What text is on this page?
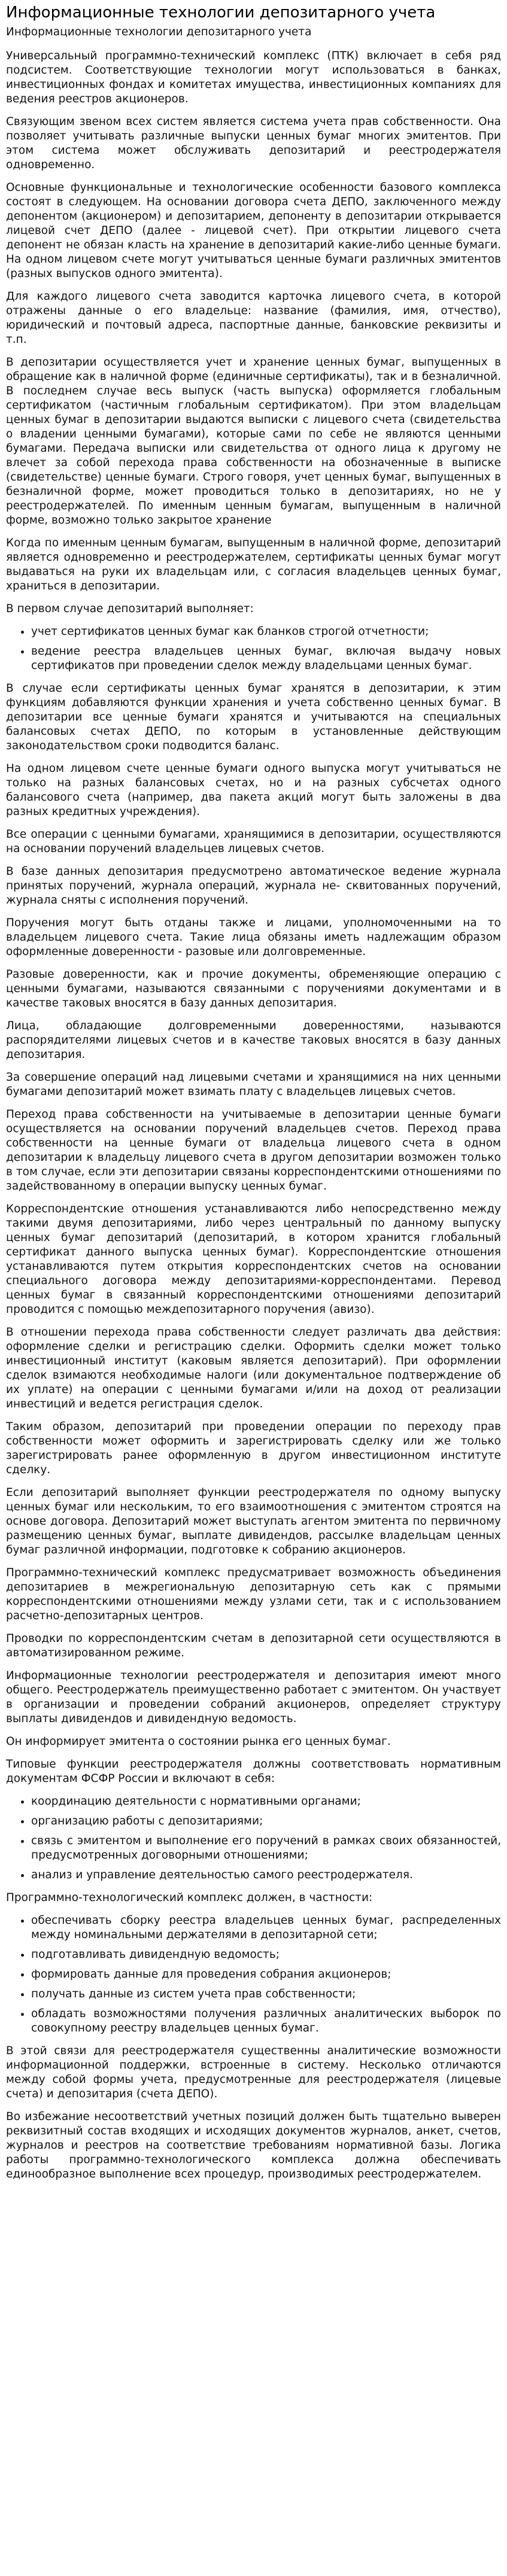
Информационные технологии депозитарного учета
Информационные технологии депозитарного учета

Универсальный программно-технический комплекс (ПТК) включает в себя ряд подсистем. Соответствующие технологии могут использоваться в банках, инвестиционных фондах и комитетах имущества, инвестиционных компаниях для ведения реестров акционеров.

Связующим звеном всех систем является система учета прав собственности. Она позволяет учитывать различные выпуски ценных бумаг многих эмитентов. При этом система может обслуживать депозитарий и реестродержателя одновременно.

Основные функциональные и технологические особенности базового комплекса состоят в следующем. На основании договора счета ДЕПО, заключенного между депонентом (акционером) и депозитарием, депоненту в депозитарии открывается лицевой счет ДЕПО (далее - лицевой счет). При открытии лицевого счета депонент не обязан класть на хранение в депозитарий какие-либо ценные бумаги. На одном лицевом счете могут учитываться ценные бумаги различных эмитентов (разных выпусков одного эмитента).

Для каждого лицевого счета заводится карточка лицевого счета, в которой отражены данные о его владельце: название (фамилия, имя, отчество), юридический и почтовый адреса, паспортные данные, банковские реквизиты и т.п.

В депозитарии осуществляется учет и хранение ценных бумаг, выпущенных в обращение как в наличной форме (единичные сертификаты), так и в безналичной. В последнем случае весь выпуск (часть выпуска) оформляется глобальным сертификатом (частичным глобальным сертификатом). При этом владельцам ценных бумаг в депозитарии выдаются выписки с лицевого счета (свидетельства о владении ценными бумагами), которые сами по себе не являются ценными бумагами. Передача выписки или свидетельства от одного лица к другому не влечет за собой перехода права собственности на обозначенные в выписке (свидетельстве) ценные бумаги. Строго говоря, учет ценных бумаг, выпущенных в безналичной форме, может проводиться только в депозитариях, но не у реестродержателей. По именным ценным бумагам, выпущенным в наличной форме, возможно только закрытое хранение

Когда по именным ценным бумагам, выпущенным в наличной форме, депозитарий является одновременно и реестродержателем, сертификаты ценных бумаг могут выдаваться на руки их владельцам или, с согласия владельцев ценных бумаг, храниться в депозитарии.

В первом случае депозитарий выполняет:

• учет сертификатов ценных бумаг как бланков строгой отчетности;
• ведение реестра владельцев ценных бумаг, включая выдачу новых сертификатов при проведении сделок между владельцами ценных бумаг.

В случае если сертификаты ценных бумаг хранятся в депозитарии, к этим функциям добавляются функции хранения и учета собственно ценных бумаг. В депозитарии все ценные бумаги хранятся и учитываются на специальных балансовых счетах ДЕПО, по которым в установленные действующим законодательством сроки подводится баланс.

На одном лицевом счете ценные бумаги одного выпуска могут учитываться не только на разных балансовых счетах, но и на разных субсчетах одного балансового счета (например, два пакета акций могут быть заложены в два разных кредитных учреждения).

Все операции с ценными бумагами, хранящимися в депозитарии, осуществляются на основании поручений владельцев лицевых счетов.

В базе данных депозитария предусмотрено автоматическое ведение журнала принятых поручений, журнала операций, журнала не- сквитованных поручений, журнала сняты с исполнения поручений.

Поручения могут быть отданы также и лицами, уполномоченными на то владельцем лицевого счета. Такие лица обязаны иметь надлежащим образом оформленные доверенности - разовые или долговременные.

Разовые доверенности, как и прочие документы, обременяющие операцию с ценными бумагами, называются связанными с поручениями документами и в качестве таковых вносятся в базу данных депозитария.

Лица, обладающие долговременными доверенностями, называются распорядителями лицевых счетов и в качестве таковых вносятся в базу данных депозитария.

За совершение операций над лицевыми счетами и хранящимися на них ценными бумагами депозитарий может взимать плату с владельцев лицевых счетов.

Переход права собственности на учитываемые в депозитарии ценные бумаги осуществляется на основании поручений владельцев счетов. Переход права собственности на ценные бумаги от владельца лицевого счета в одном депозитарии к владельцу лицевого счета в другом депозитарии возможен только в том случае, если эти депозитарии связаны корреспондентскими отношениями по задействованному в операции выпуску ценных бумаг.

Корреспондентские отношения устанавливаются либо непосредственно между такими двумя депозитариями, либо через центральный по данному выпуску ценных бумаг депозитарий (депозитарий, в котором хранится глобальный сертификат данного выпуска ценных бумаг). Корреспондентские отношения устанавливаются путем открытия корреспондентских счетов на основании специального договора между депозитариями-корреспондентами. Перевод ценных бумаг в связанный корреспондентскими отношениями депозитарий проводится с помощью междепозитарного поручения (авизо).

В отношении перехода права собственности следует различать два действия: оформление сделки и регистрацию сделки. Оформить сделки может только инвестиционный институт (каковым является депозитарий). При оформлении сделок взимаются необходимые налоги (или документальное подтверждение об их уплате) на операции с ценными бумагами и/или на доход от реализации инвестиций и ведется регистрация сделок.

Таким образом, депозитарий при проведении операции по переходу прав собственности может оформить и зарегистрировать сделку или же только зарегистрировать ранее оформленную в другом инвестиционном институте сделку.

Если депозитарий выполняет функции реестродержателя по одному выпуску ценных бумаг или нескольким, то его взаимоотношения с эмитентом строятся на основе договора. Депозитарий может выступать агентом эмитента по первичному размещению ценных бумаг, выплате дивидендов, рассылке владельцам ценных бумаг различной информации, подготовке к собранию акционеров.

Программно-технический комплекс предусматривает возможность объединения депозитариев в межрегиональную депозитарную сеть как с прямыми корреспондентскими отношениями между узлами сети, так и с использованием расчетно-депозитарных центров.

Проводки по корреспондентским счетам в депозитарной сети осуществляются в автоматизированном режиме.

Информационные технологии реестродержателя и депозитария имеют много общего. Реестродержатель преимущественно работает с эмитентом. Он участвует в организации и проведении собраний акционеров, определяет структуру выплаты дивидендов и дивидендную ведомость.

Он информирует эмитента о состоянии рынка его ценных бумаг.

Типовые функции реестродержателя должны соответствовать нормативным документам ФСФР России и включают в себя:

• координацию деятельности с нормативными органами;
• организацию работы с депозитариями;
• связь с эмитентом и выполнение его поручений в рамках своих обязанностей, предусмотренных договорными отношениями;
• анализ и управление деятельностью самого реестродержателя.

Программно-технологический комплекс должен, в частности:

• обеспечивать сборку реестра владельцев ценных бумаг, распределенных между номинальными держателями в депозитарной сети;
• подготавливать дивидендную ведомость;
• формировать данные для проведения собрания акционеров;
• получать данные из систем учета прав собственности;
• обладать возможностями получения различных аналитических выборок по совокупному реестру владельцев ценных бумаг.

В этой связи для реестродержателя существенны аналитические возможности информационной поддержки, встроенные в систему. Несколько отличаются между собой формы учета, предусмотренные для реестродержателя (лицевые счета) и депозитария (счета ДЕПО).

Во избежание несоответствий учетных позиций должен быть тщательно выверен реквизитный состав входящих и исходящих документов журналов, анкет, счетов, журналов и реестров на соответствие требованиям нормативной базы. Логика работы программно-технологического комплекса должна обеспечивать единообразное выполнение всех процедур, производимых реестродержателем.
